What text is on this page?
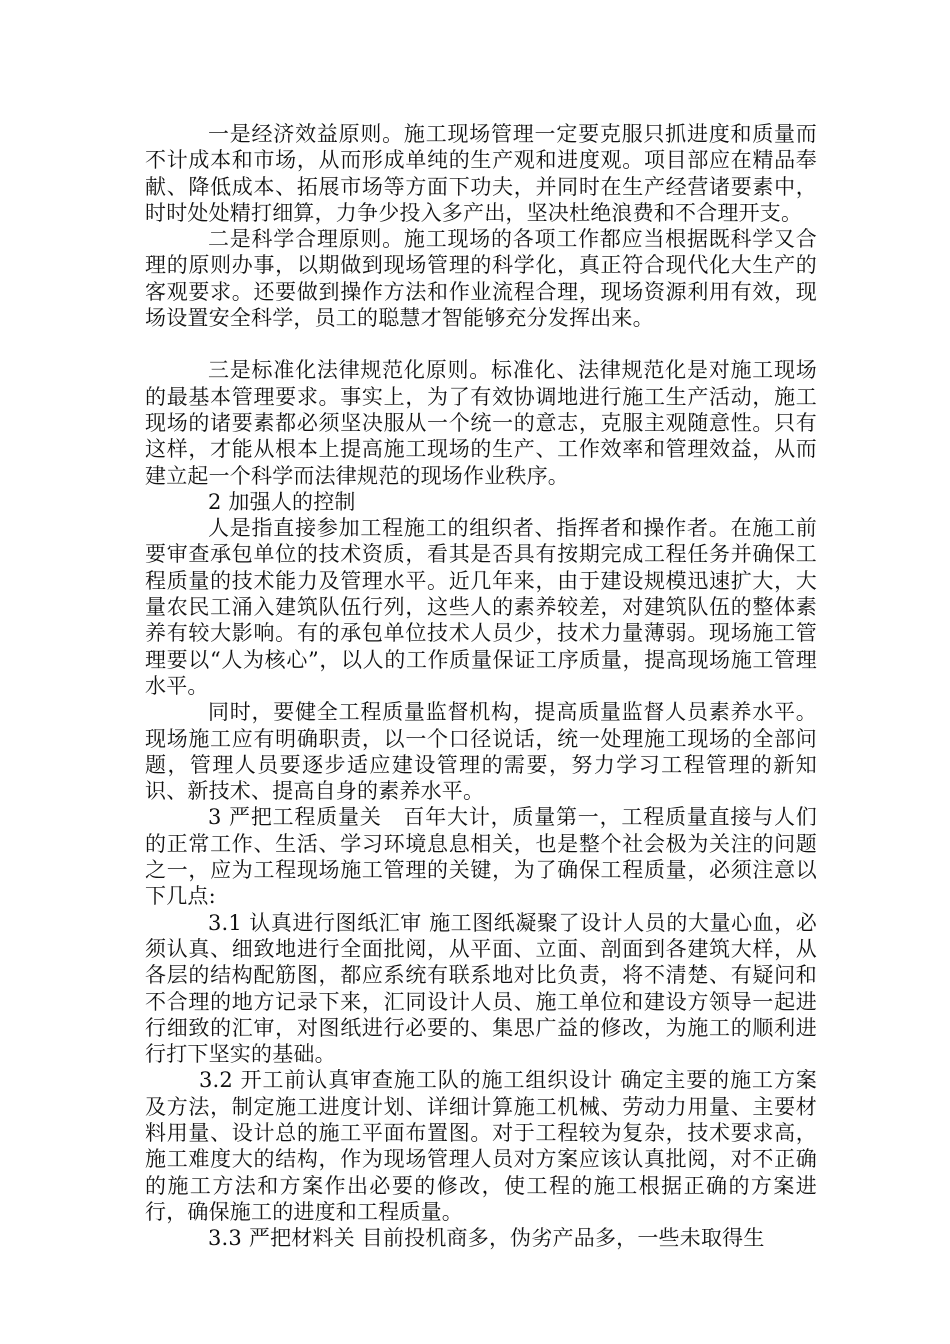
一是经济效益原则。施工现场管理一定要克服只抓进度和质量而不计成本和市场，从而形成单纯的生产观和进度观。项目部应在精品奉献、降低成本、拓展市场等方面下功夫，并同时在生产经营诸要素中，时时处处精打细算，力争少投入多产出，坚决杜绝浪费和不合理开支。

二是科学合理原则。施工现场的各项工作都应当根据既科学又合理的原则办事，以期做到现场管理的科学化，真正符合现代化大生产的客观要求。还要做到操作方法和作业流程合理，现场资源利用有效，现场设置安全科学，员工的聪慧才智能够充分发挥出来。

三是标准化法律规范化原则。标准化、法律规范化是对施工现场的最基本管理要求。事实上，为了有效协调地进行施工生产活动，施工现场的诸要素都必须坚决服从一个统一的意志，克服主观随意性。只有这样，才能从根本上提高施工现场的生产、工作效率和管理效益，从而建立起一个科学而法律规范的现场作业秩序。

2 加强人的控制

人是指直接参加工程施工的组织者、指挥者和操作者。在施工前要审查承包单位的技术资质，看其是否具有按期完成工程任务并确保工程质量的技术能力及管理水平。近几年来，由于建设规模迅速扩大，大量农民工涌入建筑队伍行列，这些人的素养较差，对建筑队伍的整体素养有较大影响。有的承包单位技术人员少，技术力量薄弱。现场施工管理要以“人为核心”，以人的工作质量保证工序质量，提高现场施工管理水平。

同时，要健全工程质量监督机构，提高质量监督人员素养水平。现场施工应有明确职责，以一个口径说话，统一处理施工现场的全部问题，管理人员要逐步适应建设管理的需要，努力学习工程管理的新知识、新技术、提高自身的素养水平。

3 严把工程质量关　百年大计，质量第一，工程质量直接与人们的正常工作、生活、学习环境息息相关，也是整个社会极为关注的问题之一，应为工程现场施工管理的关键，为了确保工程质量，必须注意以下几点:

3.1 认真进行图纸汇审 施工图纸凝聚了设计人员的大量心血，必须认真、细致地进行全面批阅，从平面、立面、剖面到各建筑大样，从各层的结构配筋图，都应系统有联系地对比负责，将不清楚、有疑问和不合理的地方记录下来，汇同设计人员、施工单位和建设方领导一起进行细致的汇审，对图纸进行必要的、集思广益的修改，为施工的顺利进行打下坚实的基础。

3.2 开工前认真审查施工队的施工组织设计 确定主要的施工方案及方法，制定施工进度计划、详细计算施工机械、劳动力用量、主要材料用量、设计总的施工平面布置图。对于工程较为复杂，技术要求高，施工难度大的结构，作为现场管理人员对方案应该认真批阅，对不正确的施工方法和方案作出必要的修改，使工程的施工根据正确的方案进行，确保施工的进度和工程质量。

3.3 严把材料关 目前投机商多，伪劣产品多，一些未取得生
